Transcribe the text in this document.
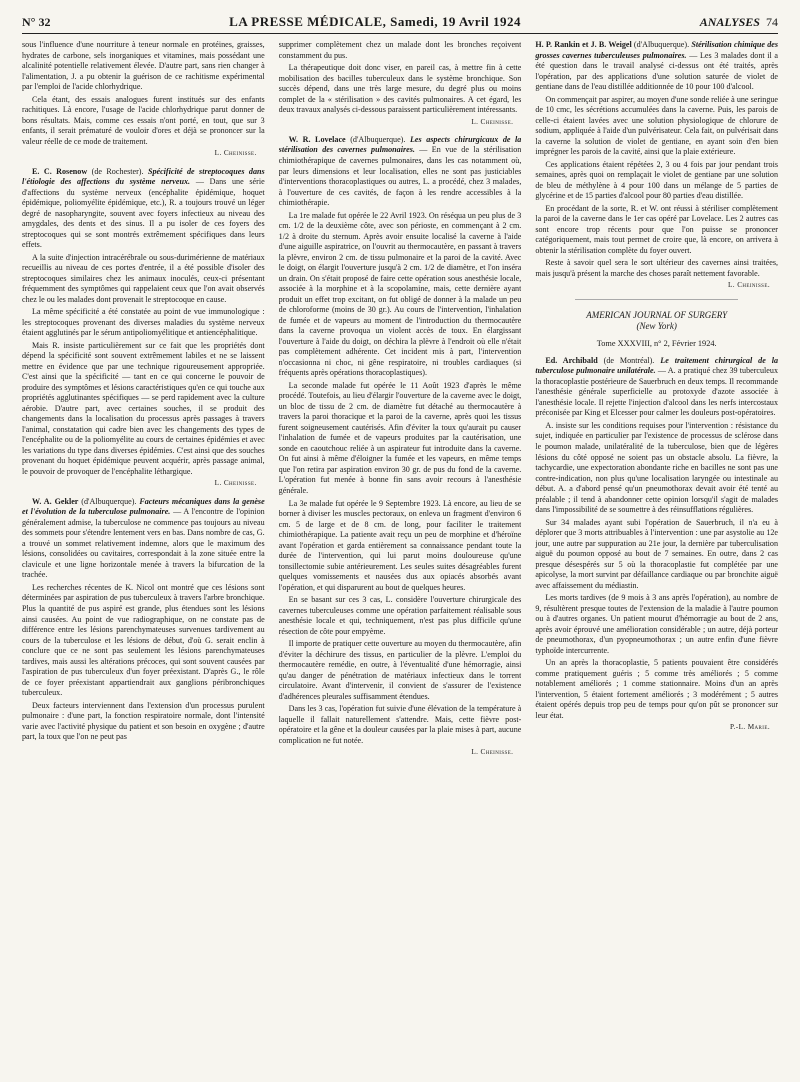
N° 32	LA PRESSE MÉDICALE, Samedi, 19 Avril 1924	ANALYSES 74

sous l'influence d'une nourriture à teneur normale en protéines, graisses, hydrates de carbone, sels inorganiques et vitamines, mais possédant une alcalinité potentielle relativement élevée. D'autre part, sans rien changer à l'alimentation, J. a pu obtenir la guérison de ce rachitisme expérimental par l'emploi de l'acide chlorhydrique.

Cela étant, des essais analogues furent institués sur des enfants rachitiques. Là encore, l'usage de l'acide chlorhydrique parut donner de bons résultats. Mais, comme ces essais n'ont porté, en tout, que sur 3 enfants, il serait prématuré de vouloir d'ores et déjà se prononcer sur la valeur réelle de ce mode de traitement.

L. Cheinisse.

E. C. Rosenow (de Rochester). Spécificité de streptocoques dans l'étiologie des affections du système nerveux. — Dans une série d'affections du système nerveux (encéphalite épidémique, hoquet épidémique, poliomyélite épidémique, etc.), R. a toujours trouvé un léger degré de nasopharyngite, souvent avec foyers infectieux au niveau des amygdales, des dents et des sinus. Il a pu isoler de ces foyers des streptocoques qui se sont montrés extrêmement spécifiques dans leurs effets.

A la suite d'injection intracérébrale ou sous-durimérienne de matériaux recueillis au niveau de ces portes d'entrée, il a été possible d'isoler des streptocoques similaires chez les animaux inoculés, ceux-ci présentant fréquemment des symptômes qui rappelaient ceux que l'on avait observés chez le ou les malades dont provenait le streptocoque en cause.

La même spécificité a été constatée au point de vue immunologique : les streptocoques provenant des diverses maladies du système nerveux étaient agglutinés par le sérum antipoliomyélitique et antiencéphalitique.

Mais R. insiste particulièrement sur ce fait que les propriétés dont dépend la spécificité sont souvent extrêmement labiles et ne se laissent mettre en évidence que par une technique rigoureusement appropriée. C'est ainsi que la spécificité — tant en ce qui concerne le pouvoir de produire des symptômes et lésions caractéristiques qu'en ce qui touche aux propriétés agglutinantes spécifiques — se perd rapidement avec la culture aérobie. D'autre part, avec certaines souches, il se produit des changements dans la localisation du processus après passages à travers l'animal, constatation qui cadre bien avec les changements des types de l'encéphalite ou de la poliomyélite au cours de certaines épidémies et avec les variations du type dans diverses épidémies. C'est ainsi que des souches provenant du hoquet épidémique peuvent acquérir, après passage animal, le pouvoir de provoquer de l'encéphalite léthargique.

L. Cheinisse.

W. A. Gekler (d'Albuquerque). Facteurs mécaniques dans la genèse et l'évolution de la tuberculose pulmonaire. — A l'encontre de l'opinion généralement admise, la tuberculose ne commence pas toujours au niveau des sommets pour s'étendre lentement vers en bas. Dans nombre de cas, G. a trouvé un sommet relativement indemne, alors que le maximum des lésions, consolidées ou cavitaires, correspondait à la zone située entre la clavicule et une ligne horizontale menée à travers la bifurcation de la trachée.

Les recherches récentes de K. Nicol ont montré que ces lésions sont déterminées par aspiration de pus tuberculeux à travers l'arbre bronchique. Plus la quantité de pus aspiré est grande, plus étendues sont les lésions ainsi causées. Au point de vue radiographique, on ne constate pas de différence entre les lésions parenchymateuses survenues tardivement au cours de la tuberculose et les lésions de début, d'où G. serait enclin à conclure que ce ne sont pas seulement les lésions parenchymateuses tardives, mais aussi les altérations précoces, qui sont souvent causées par l'aspiration de pus tuberculeux d'un foyer préexistant. D'après G., le rôle de ce foyer préexistant appartiendrait aux ganglions péribronchiques tuberculeux.

Deux facteurs interviennent dans l'extension d'un processus purulent pulmonaire : d'une part, la fonction respiratoire normale, dont l'intensité varie avec l'activité physique du patient et son besoin en oxygène ; d'autre part, la toux que l'on ne peut pas

supprimer complètement chez un malade dont les bronches reçoivent constamment du pus.

La thérapeutique doit donc viser, en pareil cas, à mettre fin à cette mobilisation des bacilles tuberculeux dans le système bronchique. Son succès dépend, dans une très large mesure, du degré plus ou moins complet de la « stérilisation » des cavités pulmonaires. A cet égard, les deux travaux analysés ci-dessous paraissent particulièrement intéressants.

L. Cheinisse.

W. R. Lovelace (d'Albuquerque). Les aspects chirurgicaux de la stérilisation des cavernes pulmonaires. — En vue de la stérilisation chimiothérapique de cavernes pulmonaires, dans les cas notamment où, par leurs dimensions et leur localisation, elles ne sont pas justiciables d'interventions thoracoplastiques ou autres, L. a procédé, chez 3 malades, à l'ouverture de ces cavités, de façon à les rendre accessibles à la chimiothérapie.

La 1re malade fut opérée le 22 Avril 1923. On réséqua un peu plus de 3 cm. 1/2 de la deuxième côte, avec son périoste, en commençant à 2 cm. 1/2 à droite du sternum. Après avoir ensuite localisé la caverne à l'aide d'une aiguille aspiratrice, on l'ouvrit au thermocautère, en passant à travers la plèvre, environ 2 cm. de tissu pulmonaire et la paroi de la cavité. Avec le doigt, on élargit l'ouverture jusqu'à 2 cm. 1/2 de diamètre, et l'on inséra un drain. On s'était proposé de faire cette opération sous anesthésie locale, associée à la morphine et à la scopolamine, mais, cette dernière ayant produit un effet trop excitant, on fut obligé de donner à la malade un peu de chloroforme (moins de 30 gr.). Au cours de l'intervention, l'inhalation de fumée et de vapeurs au moment de l'introduction du thermocautère dans la caverne provoqua un violent accès de toux. En élargissant l'ouverture à l'aide du doigt, on déchira la plèvre à l'endroit où elle n'était pas complètement adhérente. Cet incident mis à part, l'intervention n'occasionna ni choc, ni gêne respiratoire, ni troubles cardiaques (si fréquents après opérations thoracoplastiques).

La seconde malade fut opérée le 11 Août 1923 d'après le même procédé. Toutefois, au lieu d'élargir l'ouverture de la caverne avec le doigt, un bloc de tissu de 2 cm. de diamètre fut détaché au thermocautère à travers la paroi thoracique et la paroi de la caverne, après quoi les tissus furent soigneusement cautérisés. Afin d'éviter la toux qu'aurait pu causer l'inhalation de fumée et de vapeurs produites par la cautérisation, une sonde en caoutchouc reliée à un aspirateur fut introduite dans la caverne. On fut ainsi à même d'éloigner la fumée et les vapeurs, en même temps que l'on retira par aspiration environ 30 gr. de pus du fond de la caverne. L'opération fut menée à bonne fin sans avoir recours à l'anesthésie générale.

La 3e malade fut opérée le 9 Septembre 1923. Là encore, au lieu de se borner à diviser les muscles pectoraux, on enleva un fragment d'environ 6 cm. 5 de large et de 8 cm. de long, pour faciliter le traitement chimiothérapique. La patiente avait reçu un peu de morphine et d'héroïne avant l'opération et garda entièrement sa connaissance pendant toute la durée de l'intervention, qui lui parut moins douloureuse qu'une tonsillectomie subie antérieurement. Les seules suites désagréables furent quelques vomissements et nausées dus aux opiacés absorbés avant l'opération, et qui disparurent au bout de quelques heures.

En se basant sur ces 3 cas, L. considère l'ouverture chirurgicale des cavernes tuberculeuses comme une opération parfaitement réalisable sous anesthésie locale et qui, techniquement, n'est pas plus difficile qu'une résection de côte pour empyème.

Il importe de pratiquer cette ouverture au moyen du thermocautère, afin d'éviter la déchirure des tissus, en particulier de la plèvre. L'emploi du thermocautère remédie, en outre, à l'éventualité d'une hémorragie, ainsi qu'au danger de pénétration de matériaux infectieux dans le torrent circulatoire. Avant d'intervenir, il convient de s'assurer de l'existence d'adhérences pleurales suffisamment étendues.

Dans les 3 cas, l'opération fut suivie d'une élévation de la température à laquelle il fallait naturellement s'attendre. Mais, cette fièvre post-opératoire et la gêne et la douleur causées par la plaie mises à part, aucune complication ne fut notée.

L. Cheinisse.

H. P. Rankin et J. B. Weigel (d'Albuquerque). Stérilisation chimique des grosses cavernes tuberculeuses pulmonaires. — Les 3 malades dont il a été question dans le travail analysé ci-dessus ont été traités, après l'opération, par des applications d'une solution saturée de violet de gentiane dans de l'eau distillée additionnée de 10 pour 100 d'alcool.

On commençait par aspirer, au moyen d'une sonde reliée à une seringue de 10 cmc, les sécrétions accumulées dans la caverne. Puis, les parois de celle-ci étaient lavées avec une solution physiologique de chlorure de sodium, appliquée à l'aide d'un pulvérisateur. Cela fait, on pulvérisait dans la caverne la solution de violet de gentiane, en ayant soin d'en bien imprégner les parois de la cavité, ainsi que la plaie extérieure.

Ces applications étaient répétées 2, 3 ou 4 fois par jour pendant trois semaines, après quoi on remplaçait le violet de gentiane par une solution de bleu de méthylène à 4 pour 100 dans un mélange de 5 parties de glycérine et de 15 parties d'alcool pour 80 parties d'eau distillée.

En procédant de la sorte, R. et W. ont réussi à stériliser complètement la paroi de la caverne dans le 1er cas opéré par Lovelace. Les 2 autres cas sont encore trop récents pour que l'on puisse se prononcer catégoriquement, mais tout permet de croire que, là encore, on arrivera à obtenir la stérilisation complète du foyer ouvert.

Reste à savoir quel sera le sort ultérieur des cavernes ainsi traitées, mais jusqu'à présent la marche des choses paraît nettement favorable.

L. Cheinisse.
AMERICAN JOURNAL OF SURGERY
(New York)
Tome XXXVIII, n° 2, Février 1924.

Ed. Archibald (de Montréal). Le traitement chirurgical de la tuberculose pulmonaire unilatérale. — A. a pratiqué chez 39 tuberculeux la thoracoplastie postérieure de Sauerbruch en deux temps. Il recommande l'anesthésie générale superficielle au protoxyde d'azote associée à l'anesthésie locale. Il rejette l'injection d'alcool dans les nerfs intercostaux préconisée par King et Elcesser pour calmer les douleurs post-opératoires.

A. insiste sur les conditions requises pour l'intervention : résistance du sujet, indiquée en particulier par l'existence de processus de sclérose dans le poumon malade, unilatéralité de la tuberculose, bien que de légères lésions du côté opposé ne soient pas un obstacle absolu. La fièvre, la tachycardie, une expectoration abondante riche en bacilles ne sont pas une contre-indication, non plus qu'une localisation laryngée ou intestinale au début. A. a d'abord pensé qu'un pneumothorax devait avoir été tenté au préalable ; il tend à abandonner cette opinion lorsqu'il s'agit de malades dans l'impossibilité de se soumettre à des réinsufflations régulières.

Sur 34 malades ayant subi l'opération de Sauerbruch, il n'a eu à déplorer que 3 morts attribuables à l'intervention : une par asystolie au 12e jour, une autre par suppuration au 21e jour, la dernière par tuberculisation aiguë du poumon opposé au bout de 7 semaines. En outre, dans 2 cas presque désespérés sur 5 où la thoracoplastie fut complétée par une apicolyse, la mort survint par défaillance cardiaque ou par bronchite aiguë avec affaissement du médiastin.

Les morts tardives (de 9 mois à 3 ans après l'opération), au nombre de 9, résultèrent presque toutes de l'extension de la maladie à l'autre poumon ou à d'autres organes. Un patient mourut d'hémorragie au bout de 2 ans, après avoir éprouvé une amélioration considérable ; un autre, déjà porteur de pneumothorax, d'un pyopneumothorax ; un autre enfin d'une fièvre typhoïde intercurrente.

Un an après la thoracoplastie, 5 patients pouvaient être considérés comme pratiquement guéris ; 5 comme très améliorés ; 5 comme notablement améliorés ; 1 comme stationnaire. Moins d'un an après l'intervention, 5 étaient fortement améliorés ; 3 modérément ; 5 autres étaient opérés depuis trop peu de temps pour qu'on pût se prononcer sur leur état.

P.-L. Marie.
